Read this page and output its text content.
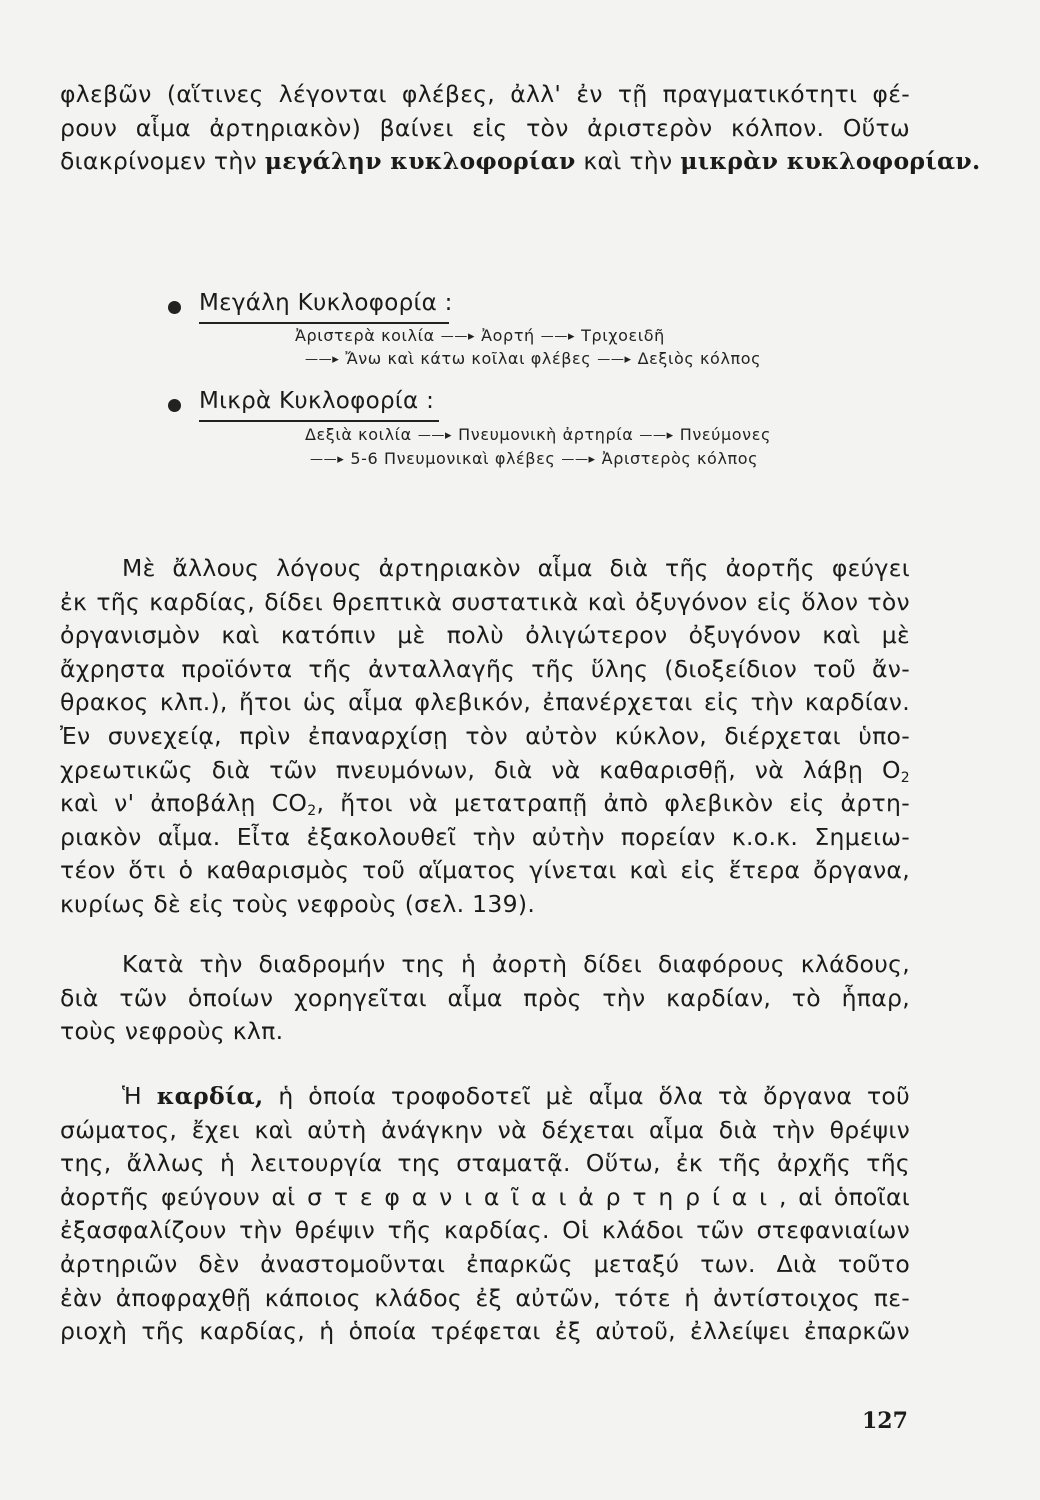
φλεβῶν (αἵτινες λέγονται φλέβες, ἀλλ' ἐν τῇ πραγματικότητι φέ-
ρουν αἷμα ἀρτηριακὸν) βαίνει εἰς τὸν ἀριστερὸν κόλπον. Οὕτω
διακρίνομεν τὴν μεγάλην κυκλοφορίαν καὶ τὴν μικρὰν κυκλοφορίαν.

Μεγάλη Κυκλοφορία :
Ἀριστερὰ κοιλία ——▸ Ἀορτή ——▸ Τριχοειδῆ
——▸ Ἄνω καὶ κάτω κοῖλαι φλέβες ——▸ Δεξιὸς κόλπος
Μικρὰ Κυκλοφορία :
Δεξιὰ κοιλία ——▸ Πνευμονικὴ ἀρτηρία ——▸ Πνεύμονες
——▸ 5-6 Πνευμονικαὶ φλέβες ——▸ Ἀριστερὸς κόλπος

Μὲ ἄλλους λόγους ἀρτηριακὸν αἷμα διὰ τῆς ἀορτῆς φεύγει
ἐκ τῆς καρδίας, δίδει θρεπτικὰ συστατικὰ καὶ ὀξυγόνον εἰς ὅλον τὸν
ὀργανισμὸν καὶ κατόπιν μὲ πολὺ ὀλιγώτερον ὀξυγόνον καὶ μὲ
ἄχρηστα προϊόντα τῆς ἀνταλλαγῆς τῆς ὕλης (διοξείδιον τοῦ ἄν-
θρακος κλπ.), ἤτοι ὡς αἷμα φλεβικόν, ἐπανέρχεται εἰς τὴν καρδίαν.
Ἐν συνεχείᾳ, πρὶν ἐπαναρχίσῃ τὸν αὐτὸν κύκλον, διέρχεται ὑπο-
χρεωτικῶς διὰ τῶν πνευμόνων, διὰ νὰ καθαρισθῇ, νὰ λάβῃ $O_2$
καὶ ν' ἀποβάλῃ $CO_2$, ἤτοι νὰ μετατραπῇ ἀπὸ φλεβικὸν εἰς ἀρτη-
ριακὸν αἷμα. Εἶτα ἐξακολουθεῖ τὴν αὐτὴν πορείαν κ.ο.κ. Σημειω-
τέον ὅτι ὁ καθαρισμὸς τοῦ αἵματος γίνεται καὶ εἰς ἕτερα ὄργανα,
κυρίως δὲ εἰς τοὺς νεφροὺς (σελ. 139).

Κατὰ τὴν διαδρομήν της ἡ ἀορτὴ δίδει διαφόρους κλάδους,
διὰ τῶν ὁποίων χορηγεῖται αἷμα πρὸς τὴν καρδίαν, τὸ ἧπαρ,
τοὺς νεφροὺς κλπ.

Ἡ καρδία, ἡ ὁποία τροφοδοτεῖ μὲ αἷμα ὅλα τὰ ὄργανα τοῦ
σώματος, ἔχει καὶ αὐτὴ ἀνάγκην νὰ δέχεται αἷμα διὰ τὴν θρέψιν
της, ἄλλως ἡ λειτουργία της σταματᾷ. Οὕτω, ἐκ τῆς ἀρχῆς τῆς
ἀορτῆς φεύγουν αἱ σ τ ε φ α ν ι α ῖ α ι ἀ ρ τ η ρ ί α ι , αἱ ὁποῖαι
ἐξασφαλίζουν τὴν θρέψιν τῆς καρδίας. Οἱ κλάδοι τῶν στεφανιαίων
ἀρτηριῶν δὲν ἀναστομοῦνται ἐπαρκῶς μεταξύ των. Διὰ τοῦτο
ἐὰν ἀποφραχθῇ κάποιος κλάδος ἐξ αὐτῶν, τότε ἡ ἀντίστοιχος πε-
ριοχὴ τῆς καρδίας, ἡ ὁποία τρέφεται ἐξ αὐτοῦ, ἐλλείψει ἐπαρκῶν

127
